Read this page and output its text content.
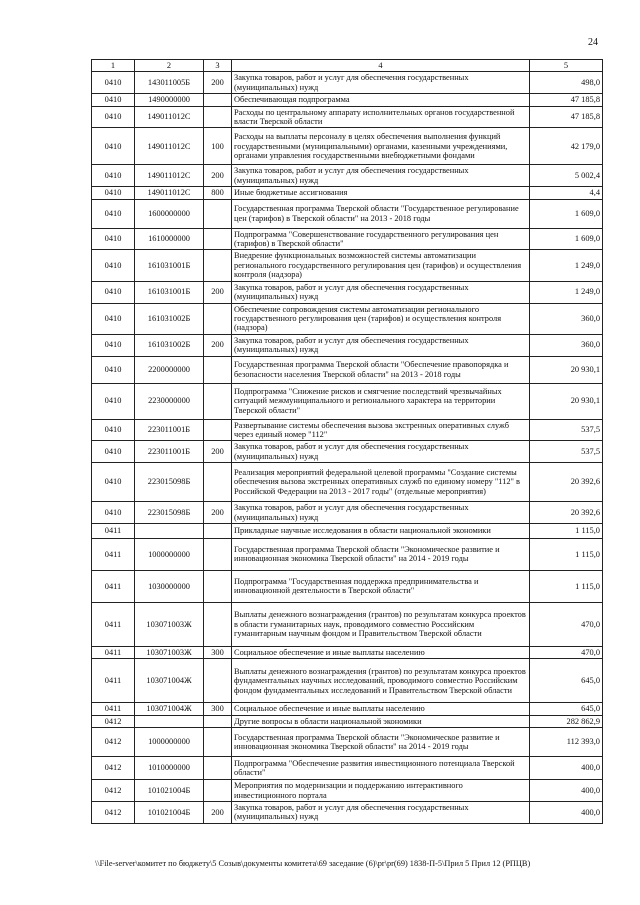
24
1	2	3	4	5
0410	143011005Б	200	Закупка товаров, работ и услуг для обеспечения государственных (муниципальных) нужд	498,0
0410	1490000000		Обеспечивающая подпрограмма	47 185,8
0410	149011012С		Расходы по центральному аппарату исполнительных органов государственной власти Тверской области	47 185,8
0410	149011012С	100	Расходы на выплаты персоналу в целях обеспечения выполнения функций государственными (муниципальными) органами, казенными учреждениями, органами управления государственными внебюджетными фондами	42 179,0
0410	149011012С	200	Закупка товаров, работ и услуг для обеспечения государственных (муниципальных) нужд	5 002,4
0410	149011012С	800	Иные бюджетные ассигнования	4,4
0410	1600000000		Государственная программа Тверской области "Государственное регулирование цен (тарифов) в Тверской области" на 2013 - 2018 годы	1 609,0
0410	1610000000		Подпрограмма "Совершенствование государственного регулирования цен (тарифов) в Тверской области"	1 609,0
0410	161031001Б		Внедрение функциональных возможностей системы автоматизации регионального государственного регулирования цен (тарифов) и осуществления контроля (надзора)	1 249,0
0410	161031001Б	200	Закупка товаров, работ и услуг для обеспечения государственных (муниципальных) нужд	1 249,0
0410	161031002Б		Обеспечение сопровождения системы автоматизации регионального государственного регулирования цен (тарифов) и осуществления контроля (надзора)	360,0
0410	161031002Б	200	Закупка товаров, работ и услуг для обеспечения государственных (муниципальных) нужд	360,0
0410	2200000000		Государственная программа Тверской области "Обеспечение правопорядка и безопасности населения Тверской области" на 2013 - 2018 годы	20 930,1
0410	2230000000		Подпрограмма "Снижение рисков и смягчение последствий чрезвычайных ситуаций межмуниципального и регионального характера на территории Тверской области"	20 930,1
0410	223011001Б		Развертывание системы обеспечения вызова экстренных оперативных служб через единый номер "112"	537,5
0410	223011001Б	200	Закупка товаров, работ и услуг для обеспечения государственных (муниципальных) нужд	537,5
0410	223015098Б		Реализация мероприятий федеральной целевой программы "Создание системы обеспечения вызова экстренных оперативных служб по единому номеру "112" в Российской Федерации на 2013 - 2017 годы" (отдельные мероприятия)	20 392,6
0410	223015098Б	200	Закупка товаров, работ и услуг для обеспечения государственных (муниципальных) нужд	20 392,6
0411			Прикладные научные исследования в области национальной экономики	1 115,0
0411	1000000000		Государственная программа Тверской области "Экономическое развитие и инновационная экономика Тверской области" на 2014 - 2019 годы	1 115,0
0411	1030000000		Подпрограмма "Государственная поддержка предпринимательства и инновационной деятельности в Тверской области"	1 115,0
0411	103071003Ж		Выплаты денежного вознаграждения (грантов) по результатам конкурса проектов в области гуманитарных наук, проводимого совместно Российским гуманитарным научным фондом и Правительством Тверской области	470,0
0411	103071003Ж	300	Социальное обеспечение и иные выплаты населению	470,0
0411	103071004Ж		Выплаты денежного вознаграждения (грантов) по результатам конкурса проектов фундаментальных научных исследований, проводимого совместно Российским фондом фундаментальных исследований и Правительством Тверской области	645,0
0411	103071004Ж	300	Социальное обеспечение и иные выплаты населению	645,0
0412			Другие вопросы в области национальной экономики	282 862,9
0412	1000000000		Государственная программа Тверской области "Экономическое развитие и инновационная экономика Тверской области" на 2014 - 2019 годы	112 393,0
0412	1010000000		Подпрограмма "Обеспечение развития инвестиционного потенциала Тверской области"	400,0
0412	101021004Б		Мероприятия по модернизации и поддержанию интерактивного инвестиционного портала	400,0
0412	101021004Б	200	Закупка товаров, работ и услуг для обеспечения государственных (муниципальных) нужд	400,0
\\File-server\комитет по бюджету\5 Созыв\документы комитета\69 заседание (6)\pr\pr(69) 1838-П-5\Прил 5 Прил 12 (РПЦВ)
